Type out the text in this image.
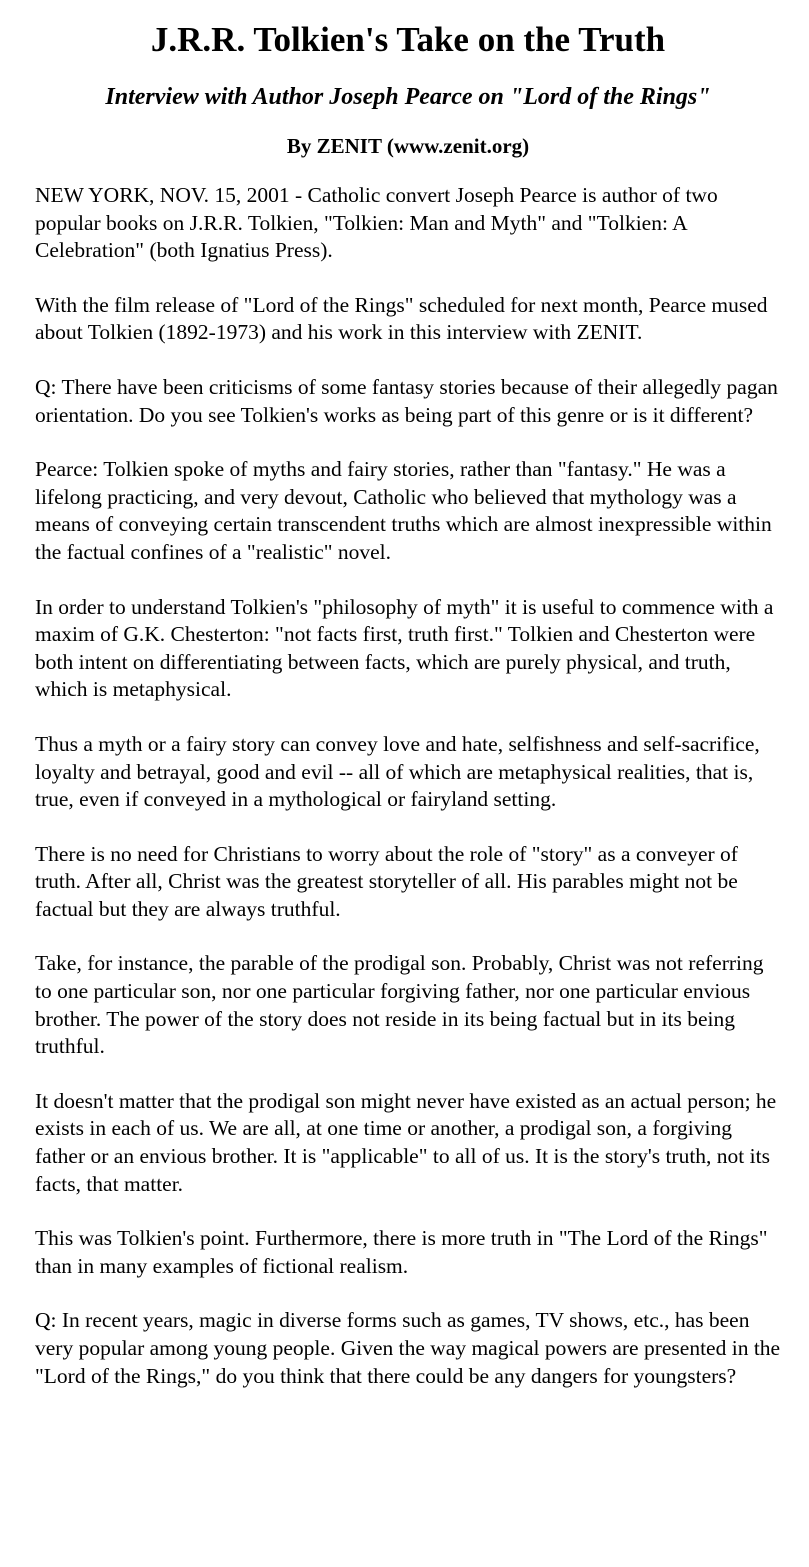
J.R.R. Tolkien's Take on the Truth
Interview with Author Joseph Pearce on "Lord of the Rings"
By ZENIT (www.zenit.org)

NEW YORK, NOV. 15, 2001 - Catholic convert Joseph Pearce is author of two popular books on J.R.R. Tolkien, "Tolkien: Man and Myth" and "Tolkien: A Celebration" (both Ignatius Press).

With the film release of "Lord of the Rings" scheduled for next month, Pearce mused about Tolkien (1892-1973) and his work in this interview with ZENIT.

Q: There have been criticisms of some fantasy stories because of their allegedly pagan orientation. Do you see Tolkien's works as being part of this genre or is it different?

Pearce: Tolkien spoke of myths and fairy stories, rather than "fantasy." He was a lifelong practicing, and very devout, Catholic who believed that mythology was a means of conveying certain transcendent truths which are almost inexpressible within the factual confines of a "realistic" novel.

In order to understand Tolkien's "philosophy of myth" it is useful to commence with a maxim of G.K. Chesterton: "not facts first, truth first." Tolkien and Chesterton were both intent on differentiating between facts, which are purely physical, and truth, which is metaphysical.

Thus a myth or a fairy story can convey love and hate, selfishness and self-sacrifice, loyalty and betrayal, good and evil -- all of which are metaphysical realities, that is, true, even if conveyed in a mythological or fairyland setting.

There is no need for Christians to worry about the role of "story" as a conveyer of truth. After all, Christ was the greatest storyteller of all. His parables might not be factual but they are always truthful.

Take, for instance, the parable of the prodigal son. Probably, Christ was not referring to one particular son, nor one particular forgiving father, nor one particular envious brother. The power of the story does not reside in its being factual but in its being truthful.

It doesn't matter that the prodigal son might never have existed as an actual person; he exists in each of us. We are all, at one time or another, a prodigal son, a forgiving father or an envious brother. It is "applicable" to all of us. It is the story's truth, not its facts, that matter.

This was Tolkien's point. Furthermore, there is more truth in "The Lord of the Rings" than in many examples of fictional realism.

Q: In recent years, magic in diverse forms such as games, TV shows, etc., has been very popular among young people. Given the way magical powers are presented in the "Lord of the Rings," do you think that there could be any dangers for youngsters?
